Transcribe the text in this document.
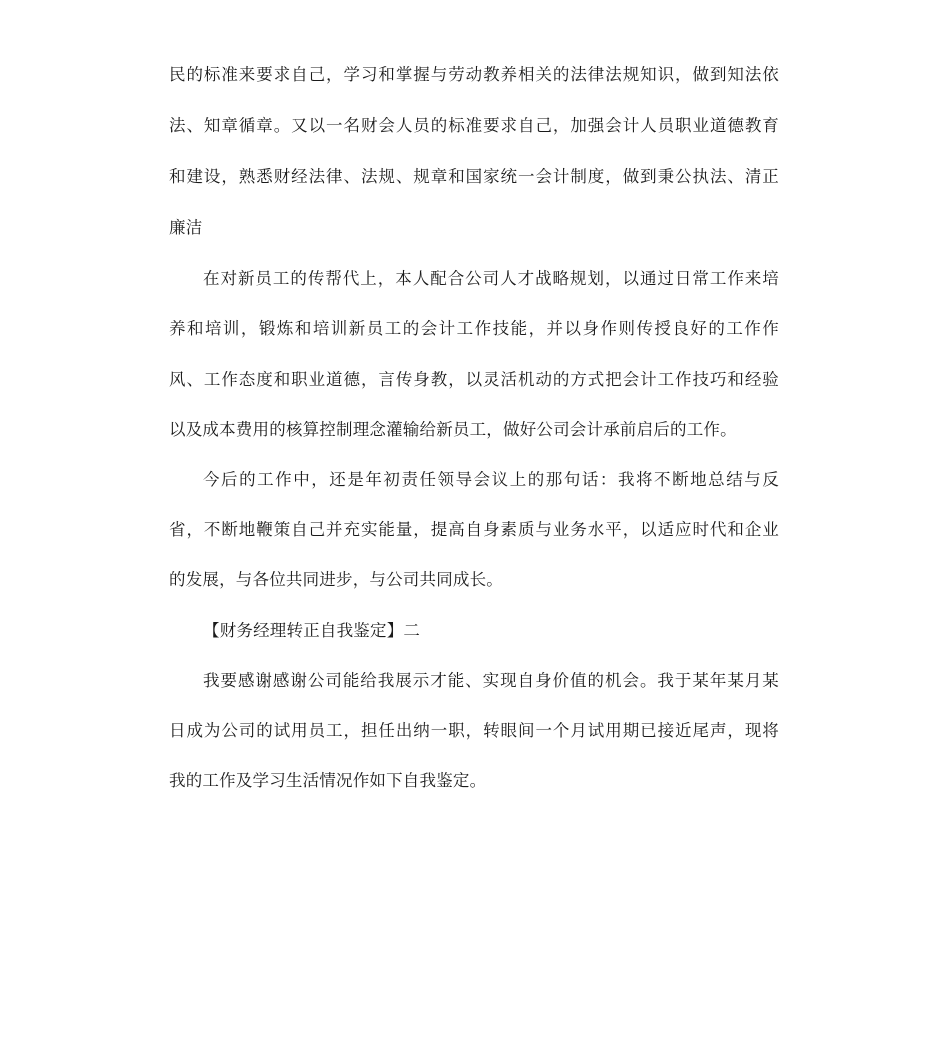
民的标准来要求自己，学习和掌握与劳动教养相关的法律法规知识，做到知法依
法、知章循章。又以一名财会人员的标准要求自己，加强会计人员职业道德教育
和建设，熟悉财经法律、法规、规章和国家统一会计制度，做到秉公执法、清正
廉洁
在对新员工的传帮代上，本人配合公司人才战略规划，以通过日常工作来培
养和培训，锻炼和培训新员工的会计工作技能，并以身作则传授良好的工作作
风、工作态度和职业道德，言传身教，以灵活机动的方式把会计工作技巧和经验
以及成本费用的核算控制理念灌输给新员工，做好公司会计承前启后的工作。
今后的工作中，还是年初责任领导会议上的那句话：我将不断地总结与反
省，不断地鞭策自己并充实能量，提高自身素质与业务水平，以适应时代和企业
的发展，与各位共同进步，与公司共同成长。
【财务经理转正自我鉴定】二
我要感谢感谢公司能给我展示才能、实现自身价值的机会。我于某年某月某
日成为公司的试用员工，担任出纳一职，转眼间一个月试用期已接近尾声，现将
我的工作及学习生活情况作如下自我鉴定。
